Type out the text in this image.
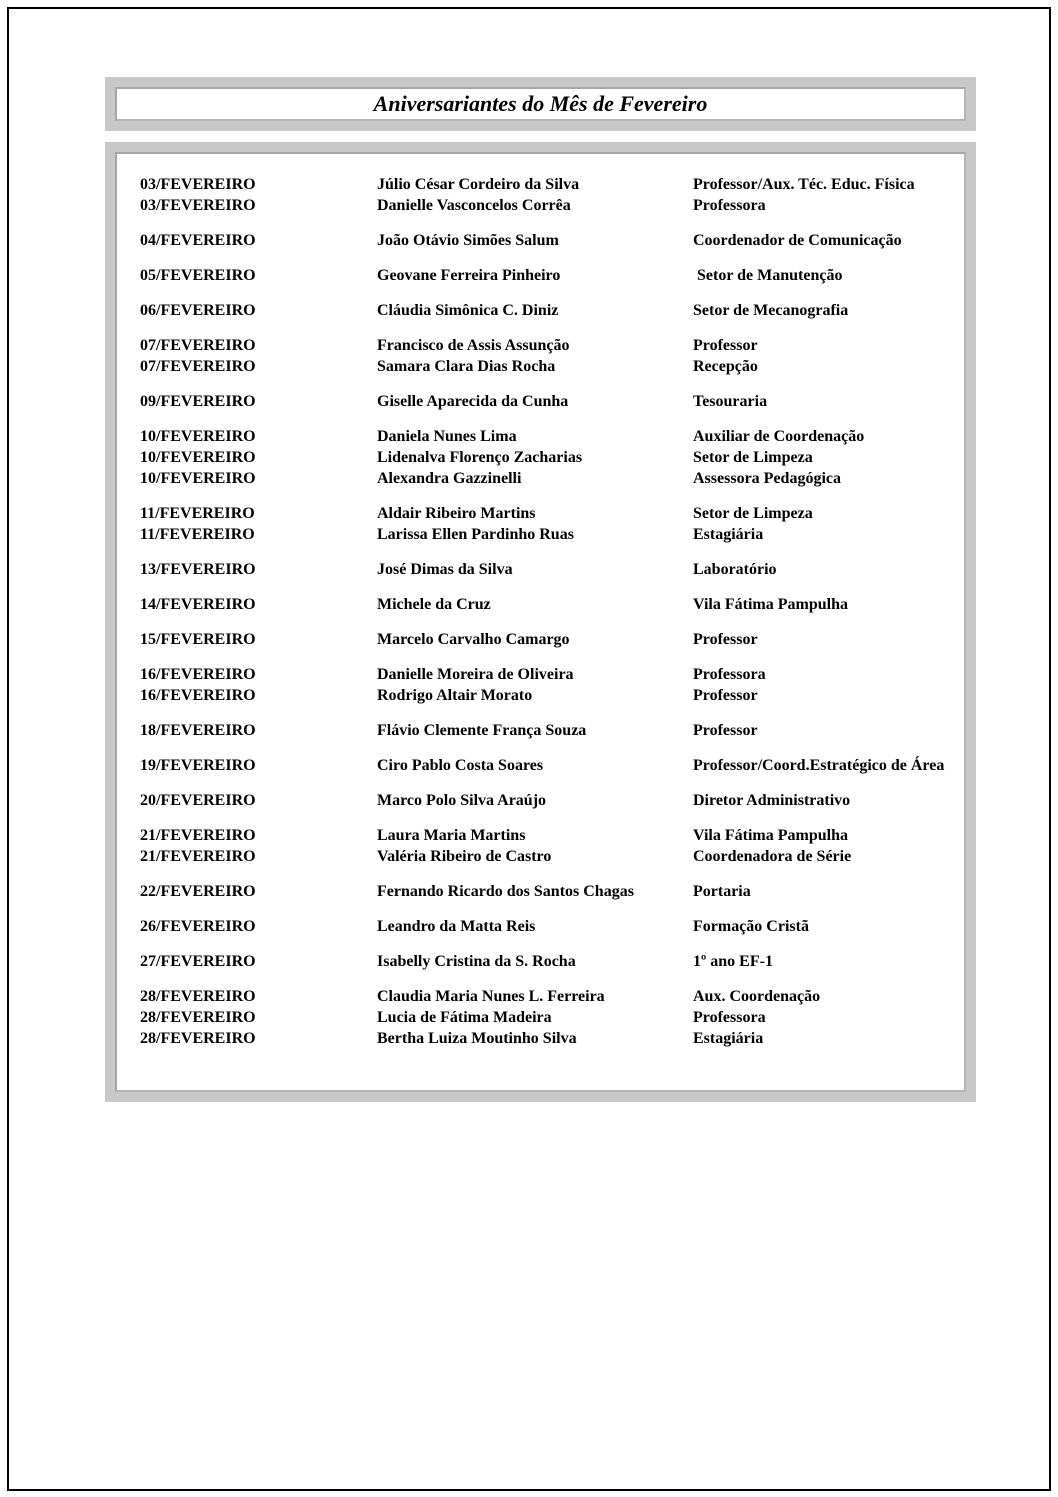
Aniversariantes do Mês de Fevereiro
03/FEVEREIRO	Júlio César Cordeiro da Silva	Professor/Aux. Téc. Educ. Física
03/FEVEREIRO	Danielle Vasconcelos Corrêa	Professora
04/FEVEREIRO	João Otávio Simões Salum	Coordenador de Comunicação
05/FEVEREIRO	Geovane Ferreira Pinheiro	Setor de Manutenção
06/FEVEREIRO	Cláudia Simônica C. Diniz	Setor de Mecanografia
07/FEVEREIRO	Francisco de Assis Assunção	Professor
07/FEVEREIRO	Samara Clara Dias Rocha	Recepção
09/FEVEREIRO	Giselle Aparecida da Cunha	Tesouraria
10/FEVEREIRO	Daniela Nunes Lima	Auxiliar de Coordenação
10/FEVEREIRO	Lidenalva Florenço Zacharias	Setor de Limpeza
10/FEVEREIRO	Alexandra Gazzinelli	Assessora Pedagógica
11/FEVEREIRO	Aldair Ribeiro Martins	Setor de Limpeza
11/FEVEREIRO	Larissa Ellen Pardinho Ruas	Estagiária
13/FEVEREIRO	José Dimas da Silva	Laboratório
14/FEVEREIRO	Michele da Cruz	Vila Fátima Pampulha
15/FEVEREIRO	Marcelo Carvalho Camargo	Professor
16/FEVEREIRO	Danielle Moreira de Oliveira	Professora
16/FEVEREIRO	Rodrigo Altair Morato	Professor
18/FEVEREIRO	Flávio Clemente França Souza	Professor
19/FEVEREIRO	Ciro Pablo Costa Soares	Professor/Coord.Estratégico de Área
20/FEVEREIRO	Marco Polo Silva Araújo	Diretor Administrativo
21/FEVEREIRO	Laura Maria Martins	Vila Fátima Pampulha
21/FEVEREIRO	Valéria Ribeiro de Castro	Coordenadora de Série
22/FEVEREIRO	Fernando Ricardo dos Santos Chagas	Portaria
26/FEVEREIRO	Leandro da Matta Reis	Formação Cristã
27/FEVEREIRO	Isabelly Cristina da S. Rocha	1º ano EF-1
28/FEVEREIRO	Claudia Maria Nunes L. Ferreira	Aux. Coordenação
28/FEVEREIRO	Lucia de Fátima Madeira	Professora
28/FEVEREIRO	Bertha Luiza Moutinho Silva	Estagiária
